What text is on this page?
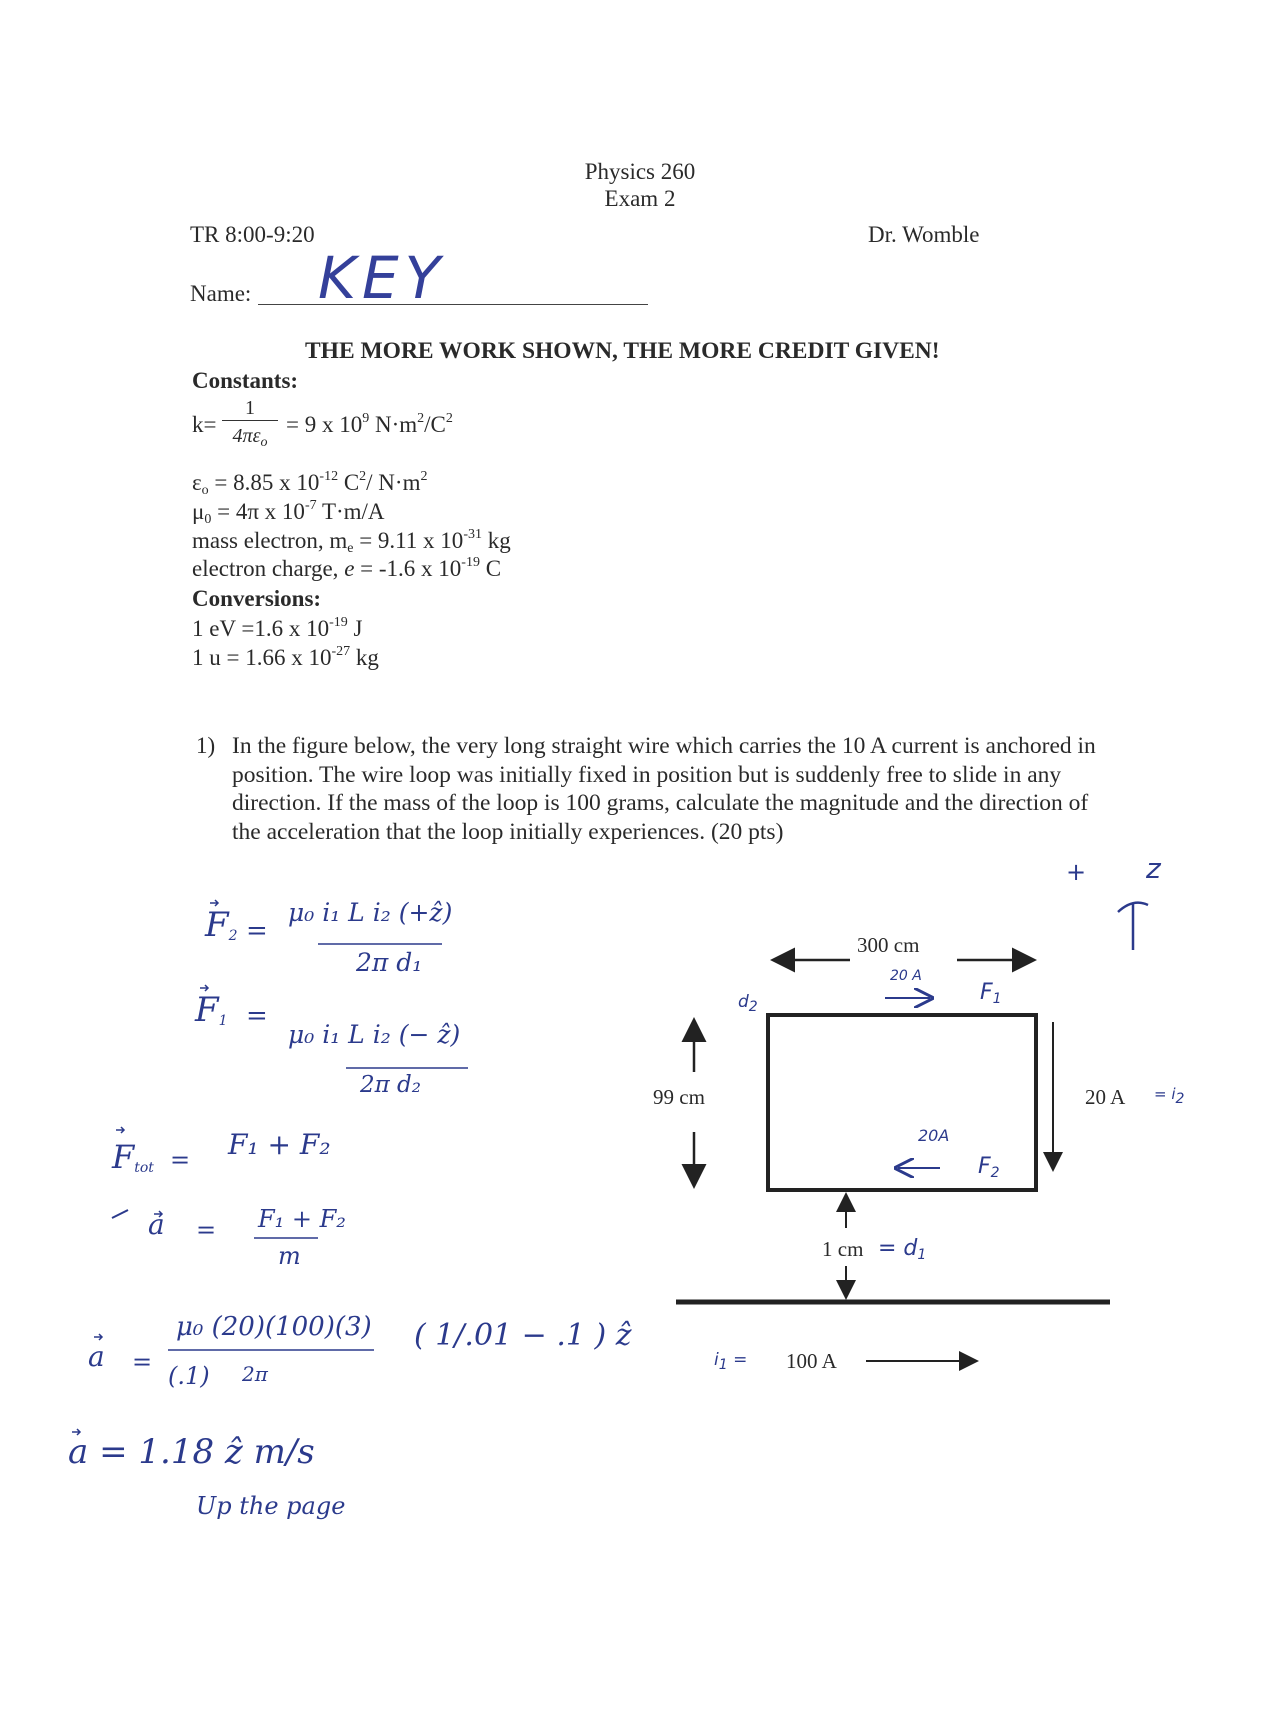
Physics 260
Exam 2
TR 8:00-9:20	Dr. Womble
Name: KEY
THE MORE WORK SHOWN, THE MORE CREDIT GIVEN!
Constants:
k=
1
$4\pi\varepsilon_o$
= 9 x $10^9$ $N\cdot m^2/C^2$
$\varepsilon_o = 8.85$ x $10^{-12}$ $C^2/$ $N\cdot m^2$
$\mu_0 = 4\pi$ x $10^{-7}$ T·m/A
mass electron, $m_e = 9.11$ x $10^{-31}$ kg
electron charge, e = -1.6 x $10^{-19}$ C
Conversions:
1 eV =1.6 x $10^{-19}$ J
1 u = 1.66 x $10^{-27}$ kg
1) In the figure below, the very long straight wire which carries the 10 A current is anchored in position. The wire loop was initially fixed in position but is suddenly free to slide in any direction. If the mass of the loop is 100 grams, calculate the magnitude and the direction of the acceleration that the loop initially experiences. (20 pts)
300 cm
99 cm
1 cm
20 A
100 A
20 A
20A
$F_1$
$F_2$
= $d_1$
$d_2$
= $i_2$
$i_1$ =
+ z
$F_2$ =
μ₀ i₁ L i₂ (+ẑ)
2π d₁
$F_1$ =
μ₀ i₁ L i₂ (− ẑ)
2π d₂
$F_{tot} = F_1 + F_2$
a = F₁ + F₂
m
a =
μ₀ (20)(100)(3)
(.1) 2π
( 1/.01 − .1 ) ẑ
a = 1.18 ẑ m/s
Up the page
